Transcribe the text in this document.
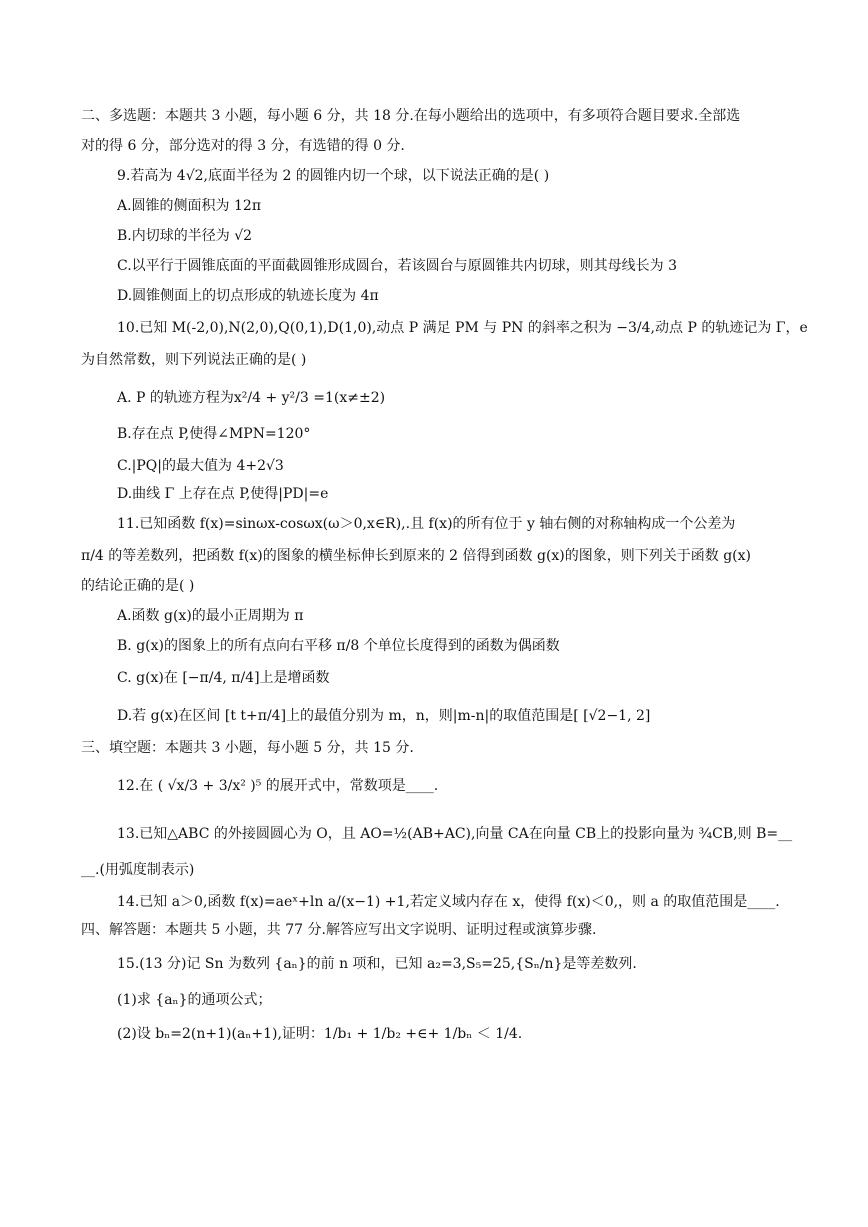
二、多选题：本题共 3 小题，每小题 6 分，共 18 分.在每小题给出的选项中，有多项符合题目要求.全部选
对的得 6 分，部分选对的得 3 分，有选错的得 0 分.
9.若高为 4√2,底面半径为 2 的圆锥内切一个球，以下说法正确的是( )
A.圆锥的侧面积为 12π
B.内切球的半径为 √2
C.以平行于圆锥底面的平面截圆锥形成圆台，若该圆台与原圆锥共内切球，则其母线长为 3
D.圆锥侧面上的切点形成的轨迹长度为 4π
10.已知 M(-2,0),N(2,0),Q(0,1),D(1,0),动点 P 满足 PM 与 PN 的斜率之积为 −3/4,动点 P 的轨迹记为 Γ，e
为自然常数，则下列说法正确的是( )
A. P 的轨迹方程为x²/4 + y²/3 =1(x≠±2)
B.存在点 P,使得∠MPN=120°
C.|PQ|的最大值为 4+2√3
D.曲线 Γ 上存在点 P,使得|PD|=e
11.已知函数 f(x)=sinωx-cosωx(ω＞0,x∈R),.且 f(x)的所有位于 y 轴右侧的对称轴构成一个公差为
π/4 的等差数列，把函数 f(x)的图象的横坐标伸长到原来的 2 倍得到函数 g(x)的图象，则下列关于函数 g(x)
的结论正确的是( )
A.函数 g(x)的最小正周期为 π
B. g(x)的图象上的所有点向右平移 π/8 个单位长度得到的函数为偶函数
C. g(x)在 [−π/4, π/4]上是增函数
D.若 g(x)在区间 [t t+π/4]上的最值分别为 m，n，则|m-n|的取值范围是[ [√2−1, 2]
三、填空题：本题共 3 小题，每小题 5 分，共 15 分.
12.在 ( √x/3 + 3/x² )⁵ 的展开式中，常数项是____.
13.已知△ABC 的外接圆圆心为 O，且 AO=½(AB+AC),向量 CA在向量 CB上的投影向量为 ¾CB,则 B=__
__.(用弧度制表示)
14.已知 a＞0,函数 f(x)=aeˣ+ln a/(x−1) +1,若定义域内存在 x，使得 f(x)＜0,，则 a 的取值范围是____.
四、解答题：本题共 5 小题，共 77 分.解答应写出文字说明、证明过程或演算步骤.
15.(13 分)记 Sn 为数列 {aₙ}的前 n 项和，已知 a₂=3,S₅=25,{Sₙ/n}是等差数列.
(1)求 {aₙ}的通项公式；
(2)设 bₙ=2(n+1)(aₙ+1),证明：1/b₁ + 1/b₂ +∈+ 1/bₙ ＜ 1/4.
